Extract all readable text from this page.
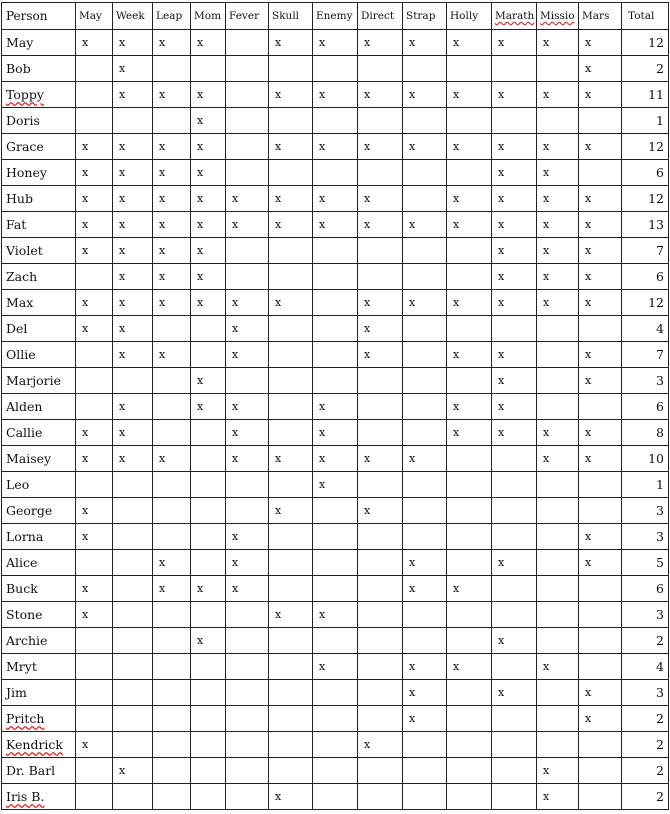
Person	May	Week	Leap	Mom	Fever	Skull	Enemy	Direct	Strap	Holly	Marath	Missio	Mars	Total
May	x	x	x	x		x	x	x	x	x	x	x	x	12
Bob		x											x	2
Toppy		x	x	x		x	x	x	x	x	x	x	x	11
Doris				x										1
Grace	x	x	x	x		x	x	x	x	x	x	x	x	12
Honey	x	x	x	x							x	x		6
Hub	x	x	x	x	x	x	x	x		x	x	x	x	12
Fat	x	x	x	x	x	x	x	x	x	x	x	x	x	13
Violet	x	x	x	x							x	x	x	7
Zach		x	x	x							x	x	x	6
Max	x	x	x	x	x	x		x	x	x	x	x	x	12
Del	x	x			x			x						4
Ollie		x	x		x			x		x	x		x	7
Marjorie				x							x		x	3
Alden		x		x	x		x			x	x			6
Callie	x	x			x		x			x	x	x	x	8
Maisey	x	x	x		x	x	x	x	x			x	x	10
Leo							x							1
George	x					x		x						3
Lorna	x				x								x	3
Alice			x		x				x		x		x	5
Buck	x		x	x	x				x	x				6
Stone	x					x	x							3
Archie				x							x			2
Mryt							x		x	x		x		4
Jim									x		x		x	3
Pritch									x				x	2
Kendrick	x							x						2
Dr. Barl		x										x		2
Iris B.						x						x		2
